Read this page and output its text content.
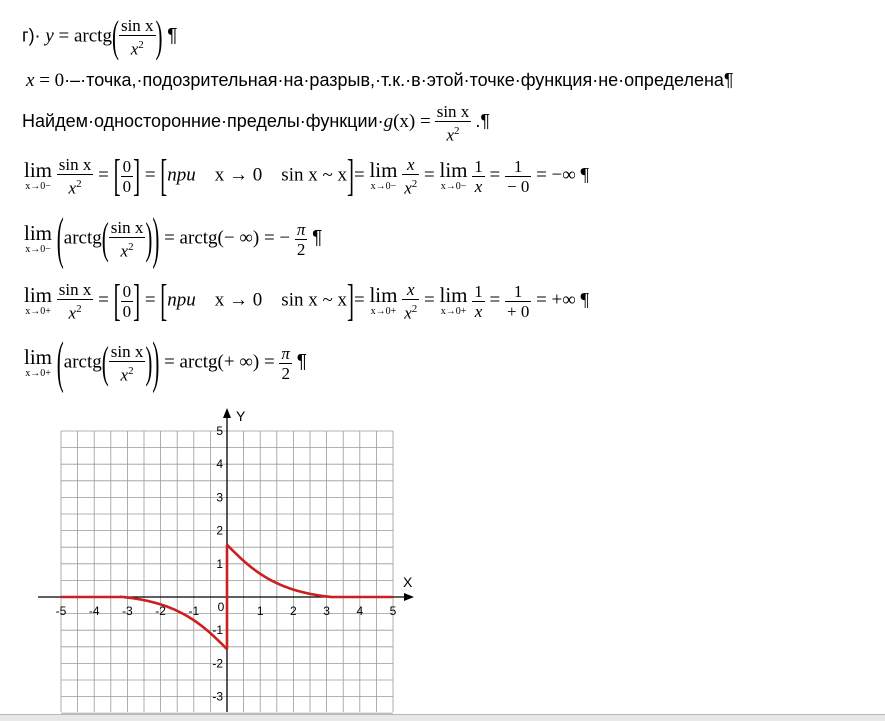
г)· y = arctg( $\frac{\text{sin x}}{x^2}$ ) ¶
x = 0·–·точка,·подозрительная·на·разрыв,·т.к.·в·этой·точке·функция·не·определена¶
Найдем·односторонние·пределы·функции·g(x) = $\frac{\text{sin x}}{x^2}$ .¶
lim
x→0−
$\frac{\text{sin x}}{x^2}$ = [ $\frac{0}{0}$ ] = [при x → 0 sin x ~ x]= lim
x→0−
$\frac{x}{x^2} = \lim$
x→0−
$\frac{1}{x} = \frac{1}{- 0}$ = −∞ ¶
lim
x→0− (arctg( $\frac{\text{sin x}}{x^2}$ )) = arctg(− ∞) = − $\frac{\pi}{2}$ ¶
lim
x→0+
$\frac{\text{sin x}}{x^2}$ = [ $\frac{0}{0}$ ] = [при x → 0 sin x ~ x]= lim
x→0+
$\frac{x}{x^2} = \lim$
x→0+
$\frac{1}{x} = \frac{1}{+ 0}$ = +∞ ¶
lim
x→0+ (arctg( $\frac{\text{sin x}}{x^2}$ )) = arctg(+ ∞) = $\frac{\pi}{2}$ ¶
-5 -4 -3 -2 -1 0	1 2 3 4 5
5
4
3
2
1
-1
-2
-3
X
Y
